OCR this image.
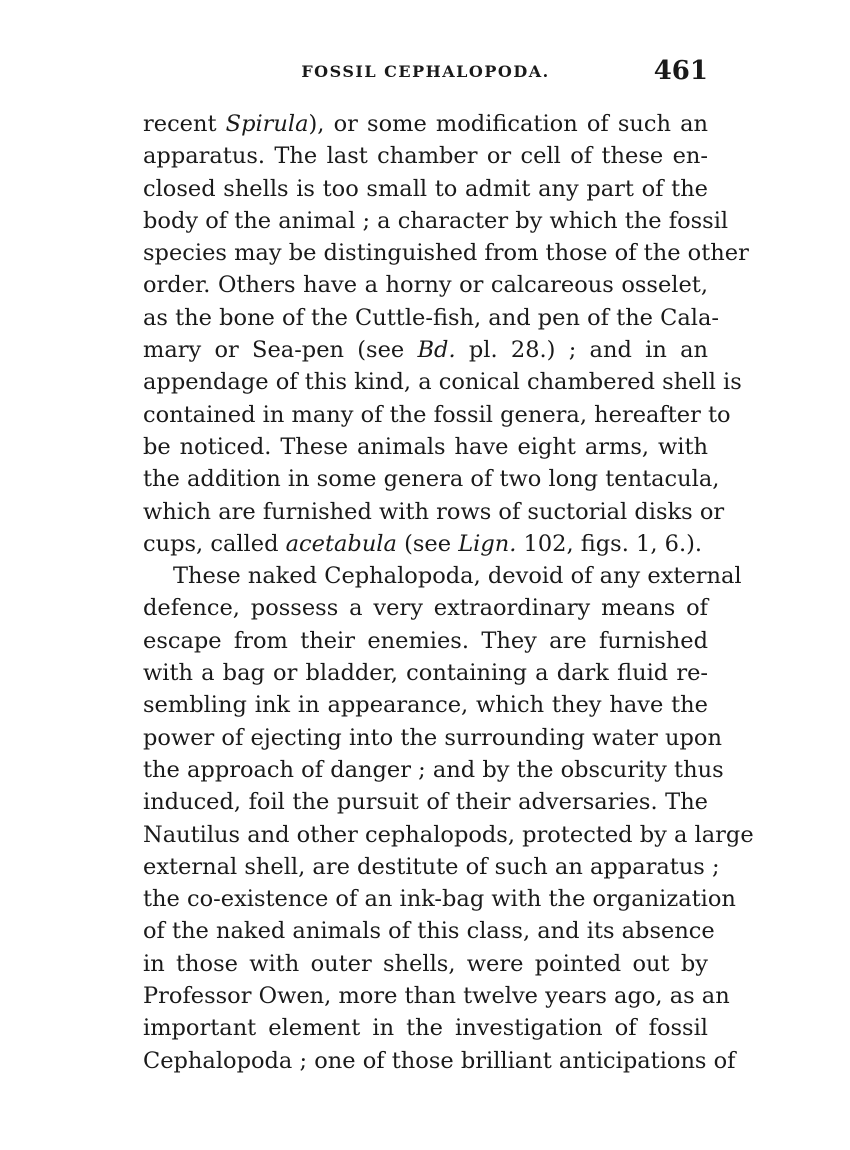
FOSSIL CEPHALOPODA.	461
recent Spirula), or some modification of such an
apparatus. The last chamber or cell of these en-
closed shells is too small to admit any part of the
body of the animal ; a character by which the fossil
species may be distinguished from those of the other
order. Others have a horny or calcareous osselet,
as the bone of the Cuttle-fish, and pen of the Cala-
mary or Sea-pen (see Bd. pl. 28.) ; and in an
appendage of this kind, a conical chambered shell is
contained in many of the fossil genera, hereafter to
be noticed. These animals have eight arms, with
the addition in some genera of two long tentacula,
which are furnished with rows of suctorial disks or
cups, called acetabula (see Lign. 102, figs. 1, 6.).
These naked Cephalopoda, devoid of any external
defence, possess a very extraordinary means of
escape from their enemies. They are furnished
with a bag or bladder, containing a dark fluid re-
sembling ink in appearance, which they have the
power of ejecting into the surrounding water upon
the approach of danger ; and by the obscurity thus
induced, foil the pursuit of their adversaries. The
Nautilus and other cephalopods, protected by a large
external shell, are destitute of such an apparatus ;
the co-existence of an ink-bag with the organization
of the naked animals of this class, and its absence
in those with outer shells, were pointed out by
Professor Owen, more than twelve years ago, as an
important element in the investigation of fossil
Cephalopoda ; one of those brilliant anticipations of
